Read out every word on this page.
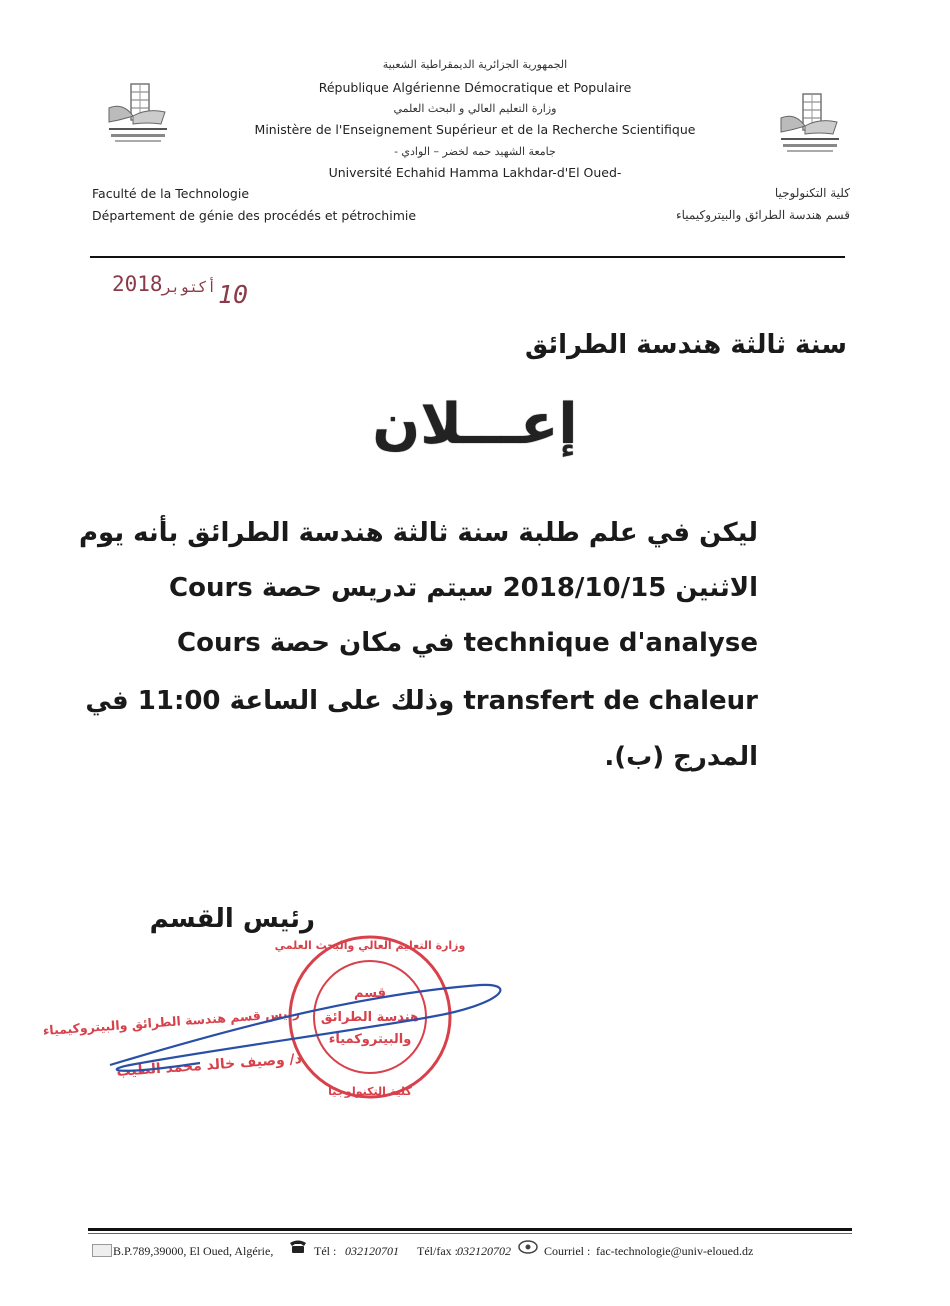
الجمهورية الجزائرية الديمقراطية الشعبية
République Algérienne Démocratique et Populaire
وزارة التعليم العالي و البحث العلمي
Ministère de l'Enseignement Supérieur et de la Recherche Scientifique
جامعة الشهيد حمه لخضر – الوادي -
Université Echahid Hamma Lakhdar-d'El Oued-
Faculté de la Technologie
Département de génie des procédés et pétrochimie
كلية التكنولوجيا
قسم هندسة الطرائق والبيتروكيمياء
2018 أكتوبر 10
سنة ثالثة هندسة الطرائق
إعـــلان
ليكن في علم طلبة سنة ثالثة هندسة الطرائق بأنه يوم
الاثنين 2018/10/15 سيتم تدريس حصة Cours
technique d'analyse في مكان حصة Cours
transfert de chaleur وذلك على الساعة 11:00 في
المدرج (ب).
رئيس القسم
وزارة التعليم العالي والبحث العلمي
كلية التكنولوجيا
قسم
هندسة الطرائق
والبيتروكمياء
رئيس قسم هندسة الطرائق والبيتروكيمياء
د/ وصيف خالد محمد الطيب
B.P.789,39000, El Oued, Algérie,	Tél : 032120701 Tél/fax : 032120702	Courriel : fac-technologie@univ-eloued.dz
